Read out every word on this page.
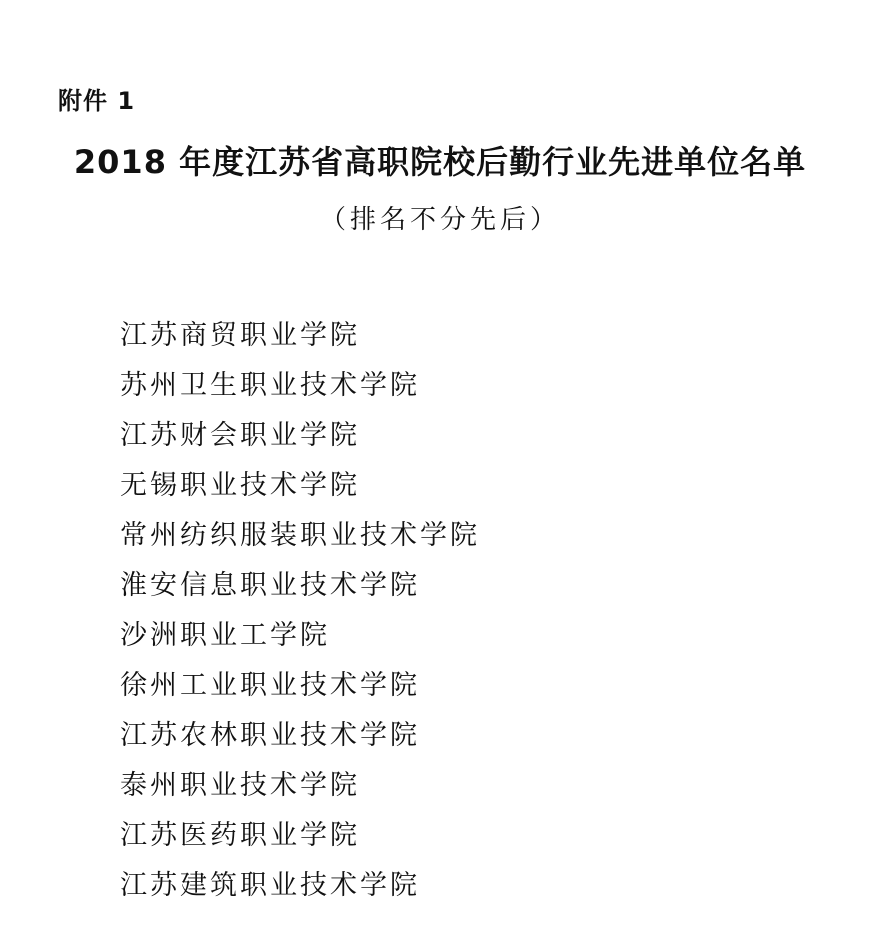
附件 1
2018 年度江苏省高职院校后勤行业先进单位名单
（排名不分先后）
江苏商贸职业学院
苏州卫生职业技术学院
江苏财会职业学院
无锡职业技术学院
常州纺织服装职业技术学院
淮安信息职业技术学院
沙洲职业工学院
徐州工业职业技术学院
江苏农林职业技术学院
泰州职业技术学院
江苏医药职业学院
江苏建筑职业技术学院
